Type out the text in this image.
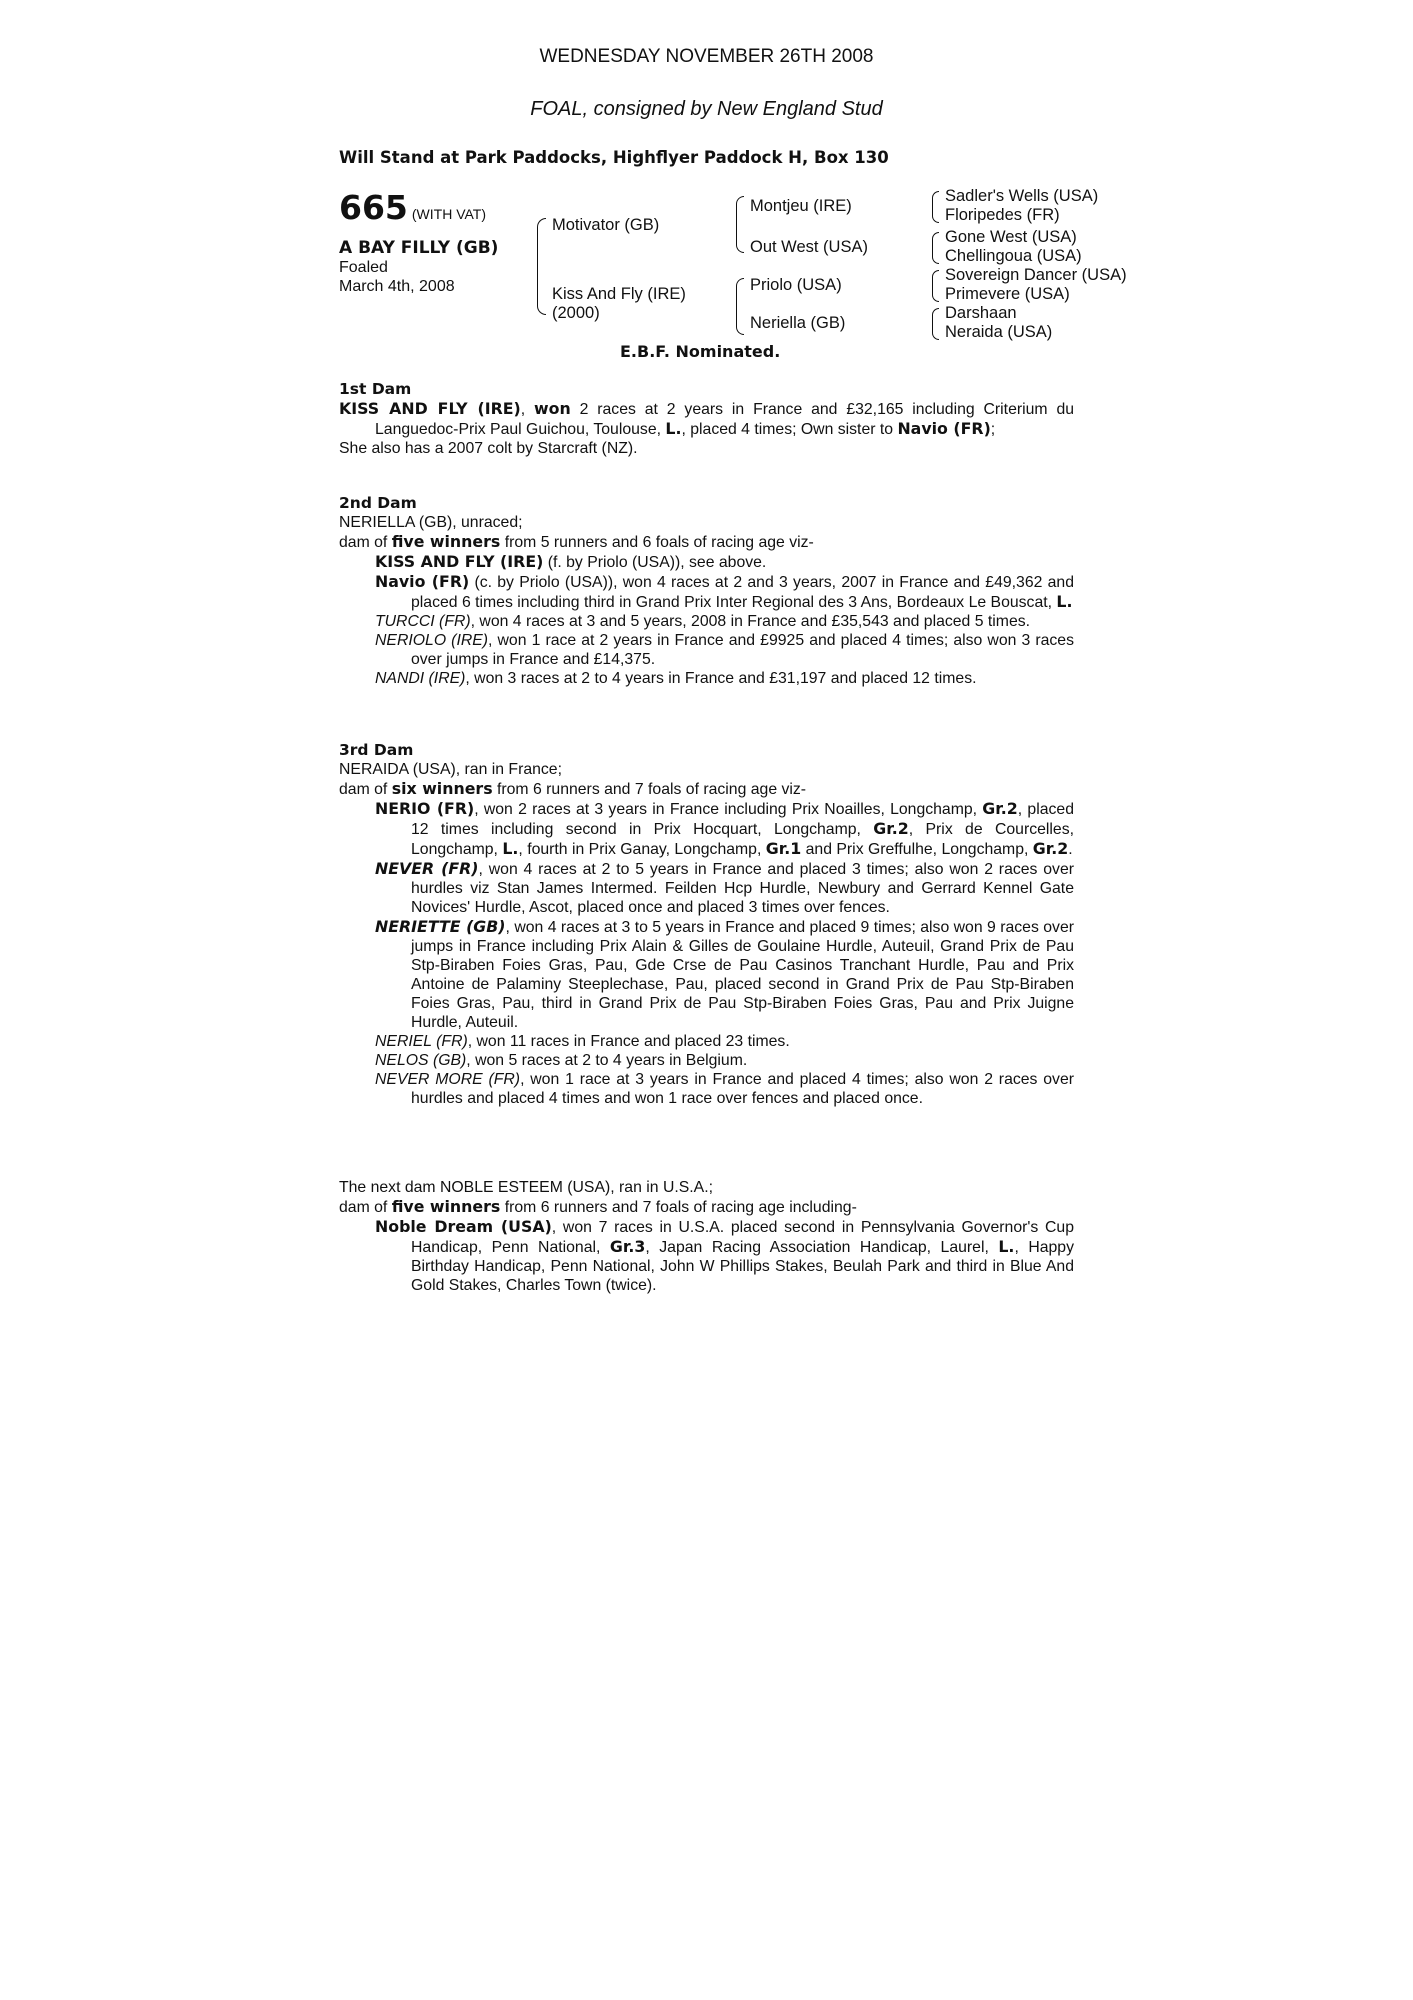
WEDNESDAY NOVEMBER 26TH 2008
FOAL, consigned by New England Stud
Will Stand at Park Paddocks, Highflyer Paddock H, Box 130
665 (WITH VAT)
A BAY FILLY (GB)
Foaled
March 4th, 2008
Motivator (GB)
Kiss And Fly (IRE)
(2000)
Montjeu (IRE)
Out West (USA)
Priolo (USA)
Neriella (GB)
Sadler's Wells (USA)
Floripedes (FR)
Gone West (USA)
Chellingoua (USA)
Sovereign Dancer (USA)
Primevere (USA)
Darshaan
Neraida (USA)
E.B.F. Nominated.
1st Dam

KISS AND FLY (IRE), won 2 races at 2 years in France and £32,165 including Criterium du Languedoc-Prix Paul Guichou, Toulouse, L., placed 4 times; Own sister to Navio (FR);

She also has a 2007 colt by Starcraft (NZ).

2nd Dam

NERIELLA (GB), unraced;

dam of five winners from 5 runners and 6 foals of racing age viz-

KISS AND FLY (IRE) (f. by Priolo (USA)), see above.

Navio (FR) (c. by Priolo (USA)), won 4 races at 2 and 3 years, 2007 in France and £49,362 and placed 6 times including third in Grand Prix Inter Regional des 3 Ans, Bordeaux Le Bouscat, L.

TURCCI (FR), won 4 races at 3 and 5 years, 2008 in France and £35,543 and placed 5 times.

NERIOLO (IRE), won 1 race at 2 years in France and £9925 and placed 4 times; also won 3 races over jumps in France and £14,375.

NANDI (IRE), won 3 races at 2 to 4 years in France and £31,197 and placed 12 times.

3rd Dam

NERAIDA (USA), ran in France;

dam of six winners from 6 runners and 7 foals of racing age viz-

NERIO (FR), won 2 races at 3 years in France including Prix Noailles, Longchamp, Gr.2, placed 12 times including second in Prix Hocquart, Longchamp, Gr.2, Prix de Courcelles, Longchamp, L., fourth in Prix Ganay, Longchamp, Gr.1 and Prix Greffulhe, Longchamp, Gr.2.

NEVER (FR), won 4 races at 2 to 5 years in France and placed 3 times; also won 2 races over hurdles viz Stan James Intermed. Feilden Hcp Hurdle, Newbury and Gerrard Kennel Gate Novices' Hurdle, Ascot, placed once and placed 3 times over fences.

NERIETTE (GB), won 4 races at 3 to 5 years in France and placed 9 times; also won 9 races over jumps in France including Prix Alain & Gilles de Goulaine Hurdle, Auteuil, Grand Prix de Pau Stp-Biraben Foies Gras, Pau, Gde Crse de Pau Casinos Tranchant Hurdle, Pau and Prix Antoine de Palaminy Steeplechase, Pau, placed second in Grand Prix de Pau Stp-Biraben Foies Gras, Pau, third in Grand Prix de Pau Stp-Biraben Foies Gras, Pau and Prix Juigne Hurdle, Auteuil.

NERIEL (FR), won 11 races in France and placed 23 times.

NELOS (GB), won 5 races at 2 to 4 years in Belgium.

NEVER MORE (FR), won 1 race at 3 years in France and placed 4 times; also won 2 races over hurdles and placed 4 times and won 1 race over fences and placed once.

The next dam NOBLE ESTEEM (USA), ran in U.S.A.;

dam of five winners from 6 runners and 7 foals of racing age including-

Noble Dream (USA), won 7 races in U.S.A. placed second in Pennsylvania Governor's Cup Handicap, Penn National, Gr.3, Japan Racing Association Handicap, Laurel, L., Happy Birthday Handicap, Penn National, John W Phillips Stakes, Beulah Park and third in Blue And Gold Stakes, Charles Town (twice).
